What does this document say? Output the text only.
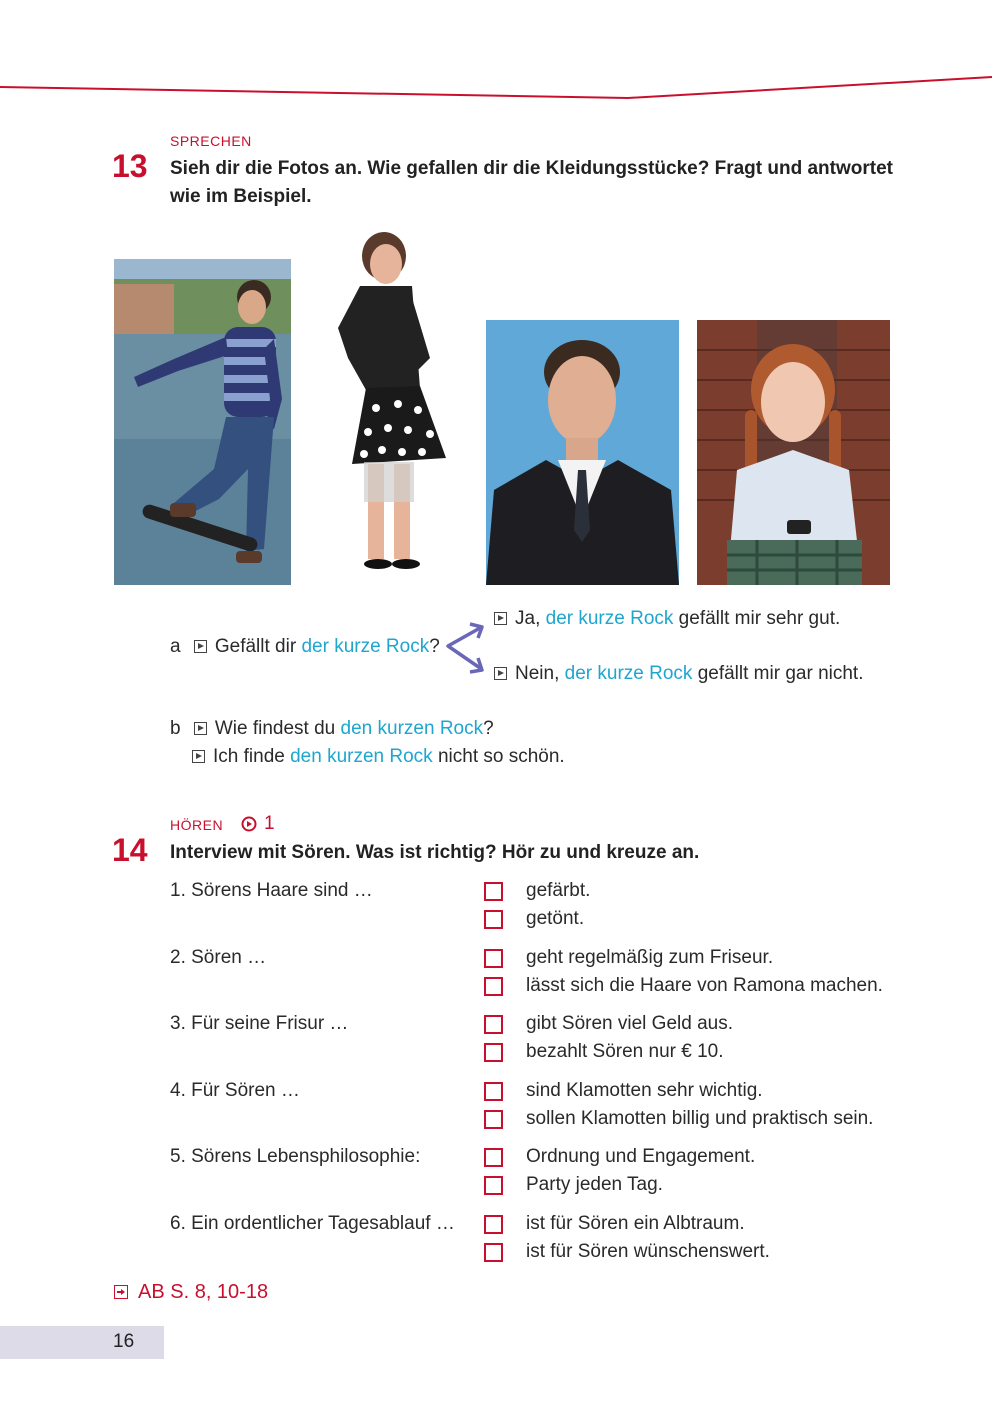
SPRECHEN
13 Sieh dir die Fotos an. Wie gefallen dir die Kleidungsstücke? Fragt und antwortet
wie im Beispiel.
a Gefällt dir der kurze Rock?
Ja, der kurze Rock gefällt mir sehr gut.
Nein, der kurze Rock gefällt mir gar nicht.
b Wie findest du den kurzen Rock?
Ich finde den kurzen Rock nicht so schön.
HÖREN 1
14 Interview mit Sören. Was ist richtig? Hör zu und kreuze an.
1. Sörens Haare sind …	gefärbt.
getönt.
2. Sören …	geht regelmäßig zum Friseur.
lässt sich die Haare von Ramona machen.
3. Für seine Frisur …	gibt Sören viel Geld aus.
bezahlt Sören nur € 10.
4. Für Sören …	sind Klamotten sehr wichtig.
sollen Klamotten billig und praktisch sein.
5. Sörens Lebensphilosophie:	Ordnung und Engagement.
Party jeden Tag.
6. Ein ordentlicher Tagesablauf …	ist für Sören ein Albtraum.
ist für Sören wünschenswert.
AB S. 8, 10-18
16
